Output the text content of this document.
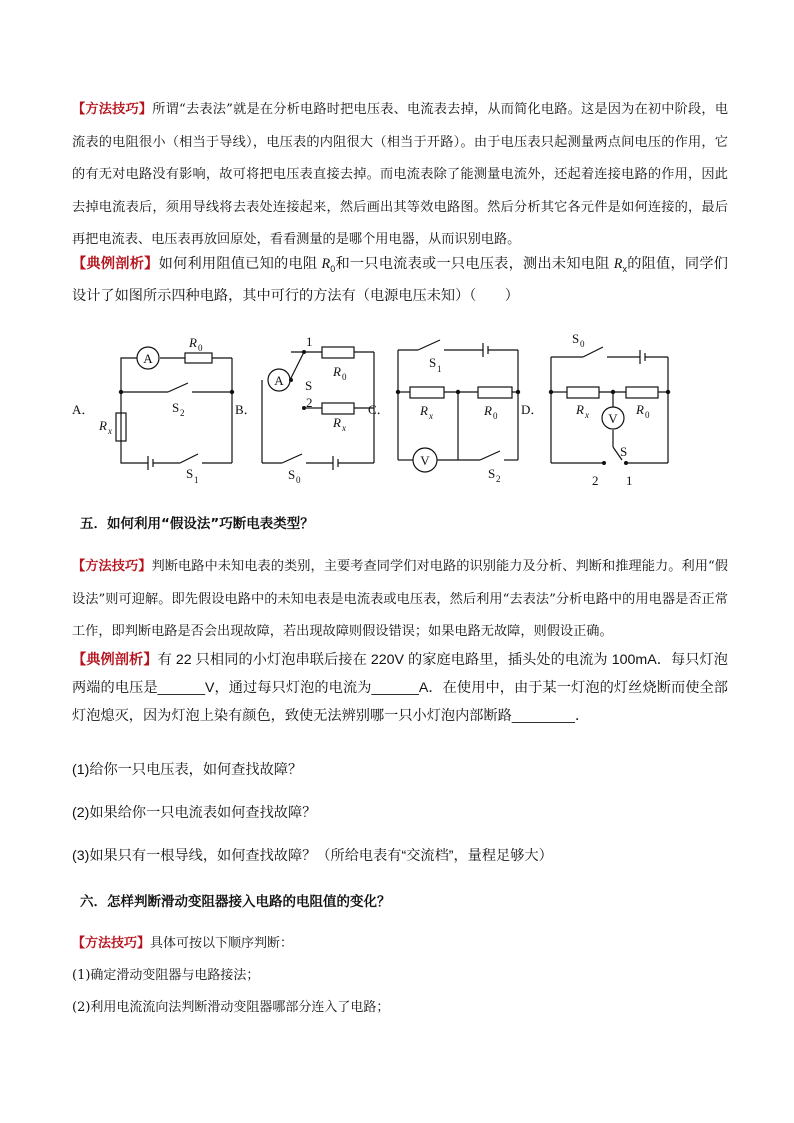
【方法技巧】所谓“去表法”就是在分析电路时把电压表、电流表去掉，从而简化电路。这是因为在初中阶段，电流表的电阻很小（相当于导线），电压表的内阻很大（相当于开路）。由于电压表只起测量两点间电压的作用，它的有无对电路没有影响，故可将把电压表直接去掉。而电流表除了能测量电流外，还起着连接电路的作用，因此去掉电流表后，须用导线将去表处连接起来，然后画出其等效电路图。然后分析其它各元件是如何连接的，最后再把电流表、电压表再放回原处，看看测量的是哪个用电器，从而识别电路。
【典例剖析】如何利用阻值已知的电阻 $R_0$和一只电流表或一只电压表，测出未知电阻 $R_x$的阻值，同学们设计了如图所示四种电路，其中可行的方法有（电源电压未知）（　　）
A
R 0
S 2
R x
S 1
A．	B．
A
1
R 0
S
2
R x
S 0
C．
S 1
R x	R 0
V
S 2
D．
S 0
R x	R 0
V
S
2 1
五．如何利用“假设法”巧断电表类型？
【方法技巧】判断电路中未知电表的类别，主要考查同学们对电路的识别能力及分析、判断和推理能力。利用“假设法”则可迎解。即先假设电路中的未知电表是电流表或电压表，然后利用“去表法”分析电路中的用电器是否正常工作，即判断电路是否会出现故障，若出现故障则假设错误；如果电路无故障，则假设正确。
【典例剖析】有 22 只相同的小灯泡串联后接在 220V 的家庭电路里，插头处的电流为 100mA．每只灯泡两端的电压是______V，通过每只灯泡的电流为______A．在使用中，由于某一灯泡的灯丝烧断而使全部灯泡熄灭，因为灯泡上染有颜色，致使无法辨别哪一只小灯泡内部断路________．
(1)给你一只电压表，如何查找故障？
(2)如果给你一只电流表如何查找故障？
(3)如果只有一根导线，如何查找故障？（所给电表有“交流档”，量程足够大）
六．怎样判断滑动变阻器接入电路的电阻值的变化？
【方法技巧】具体可按以下顺序判断：
(1)确定滑动变阻器与电路接法；
(2)利用电流流向法判断滑动变阻器哪部分连入了电路；
